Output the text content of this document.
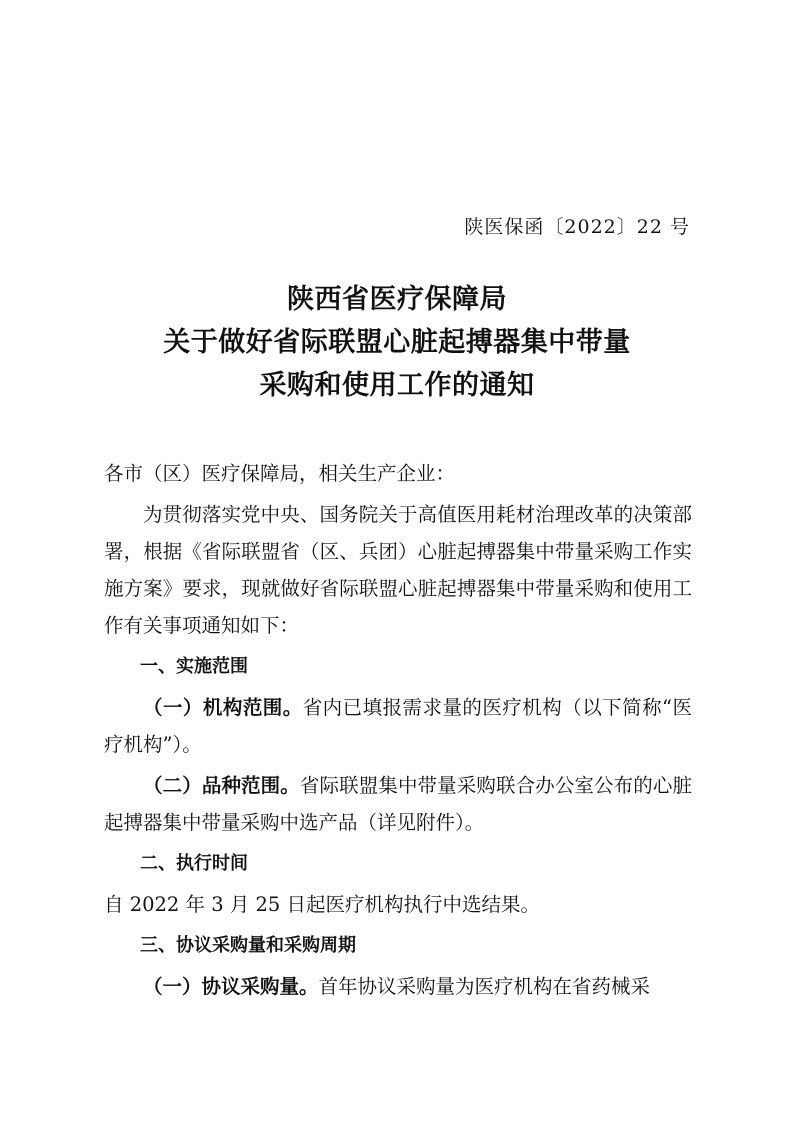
陕医保函〔2022〕22 号
陕西省医疗保障局
关于做好省际联盟心脏起搏器集中带量
采购和使用工作的通知

各市（区）医疗保障局，相关生产企业：

为贯彻落实党中央、国务院关于高值医用耗材治理改革的决策部署，根据《省际联盟省（区、兵团）心脏起搏器集中带量采购工作实施方案》要求，现就做好省际联盟心脏起搏器集中带量采购和使用工作有关事项通知如下：

一、实施范围

（一）机构范围。省内已填报需求量的医疗机构（以下简称“医疗机构”）。

（二）品种范围。省际联盟集中带量采购联合办公室公布的心脏起搏器集中带量采购中选产品（详见附件）。

二、执行时间

自 2022 年 3 月 25 日起医疗机构执行中选结果。

三、协议采购量和采购周期

（一）协议采购量。首年协议采购量为医疗机构在省药械采
